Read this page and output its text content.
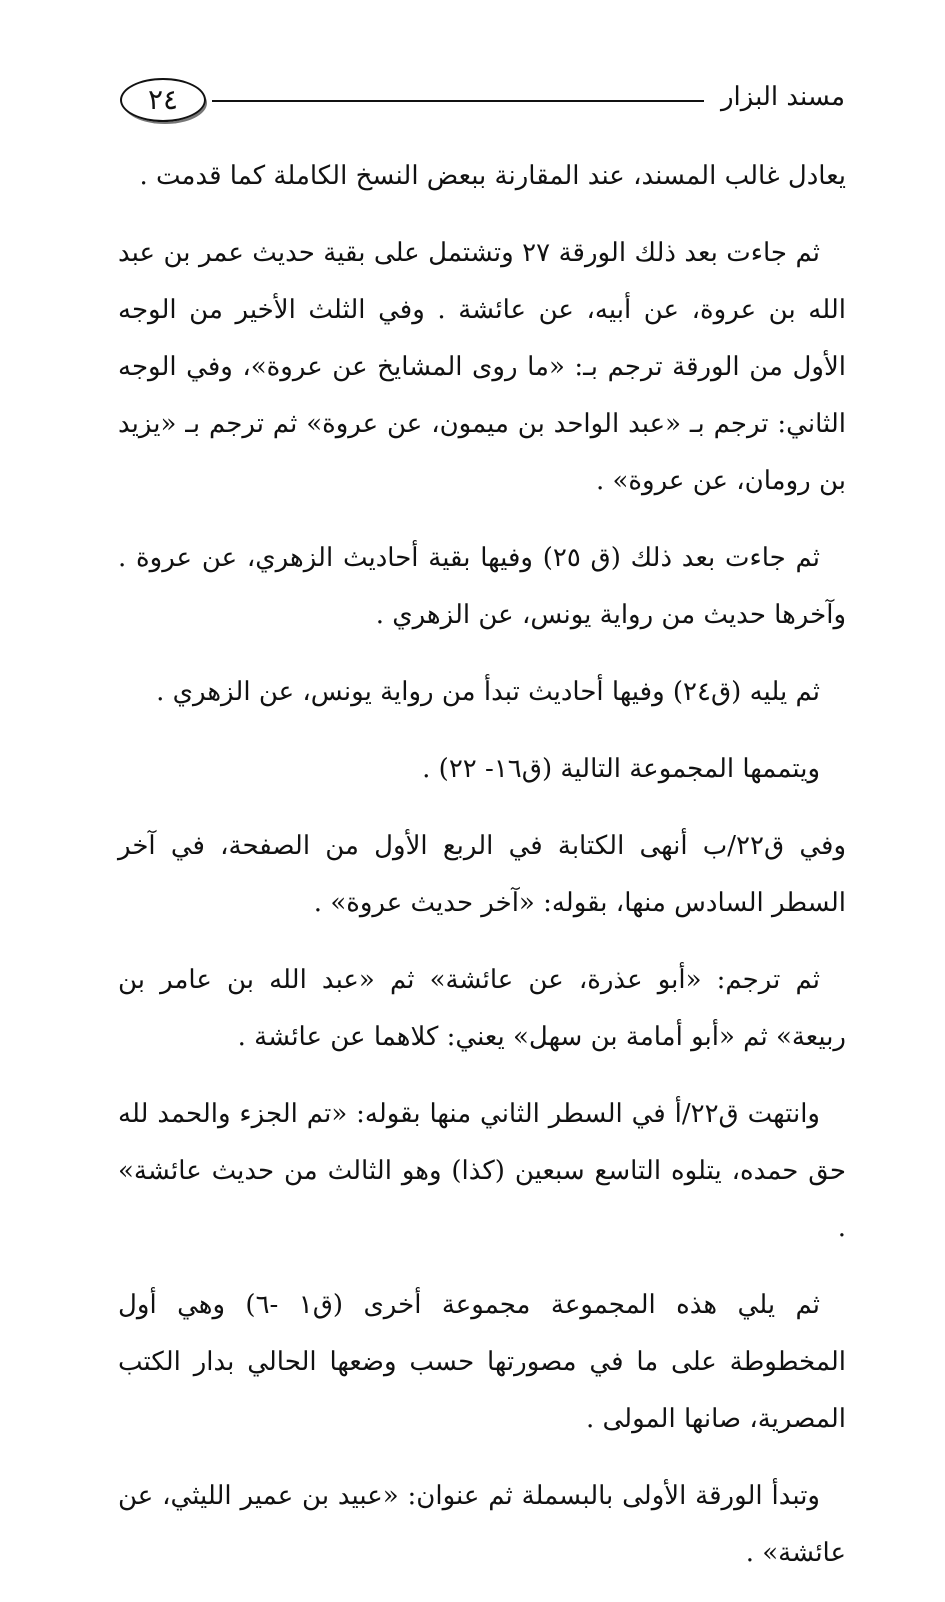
٢٤	مسند البزار

يعادل غالب المسند، عند المقارنة ببعض النسخ الكاملة كما قدمت .

ثم جاءت بعد ذلك الورقة ٢٧ وتشتمل على بقية حديث عمر بن عبد الله بن عروة، عن أبيه، عن عائشة . وفي الثلث الأخير من الوجه الأول من الورقة ترجم بـ: «ما روى المشايخ عن عروة»، وفي الوجه الثاني: ترجم بـ «عبد الواحد بن ميمون، عن عروة» ثم ترجم بـ «يزيد بن رومان، عن عروة» .

ثم جاءت بعد ذلك (ق ٢٥) وفيها بقية أحاديث الزهري، عن عروة . وآخرها حديث من رواية يونس، عن الزهري .

ثم يليه (ق٢٤) وفيها أحاديث تبدأ من رواية يونس، عن الزهري .

ويتممها المجموعة التالية (ق١٦- ٢٢) .

وفي ق٢٢/ب أنهى الكتابة في الربع الأول من الصفحة، في آخر السطر السادس منها، بقوله: «آخر حديث عروة» .

ثم ترجم: «أبو عذرة، عن عائشة» ثم «عبد الله بن عامر بن ربيعة» ثم «أبو أمامة بن سهل» يعني: كلاهما عن عائشة .

وانتهت ق٢٢/أ في السطر الثاني منها بقوله: «تم الجزء والحمد لله حق حمده، يتلوه التاسع سبعين (كذا) وهو الثالث من حديث عائشة» .

ثم يلي هذه المجموعة مجموعة أخرى (ق١ -٦) وهي أول المخطوطة على ما في مصورتها حسب وضعها الحالي بدار الكتب المصرية، صانها المولى .

وتبدأ الورقة الأولى بالبسملة ثم عنوان: «عبيد بن عمير الليثي، عن عائشة» .
